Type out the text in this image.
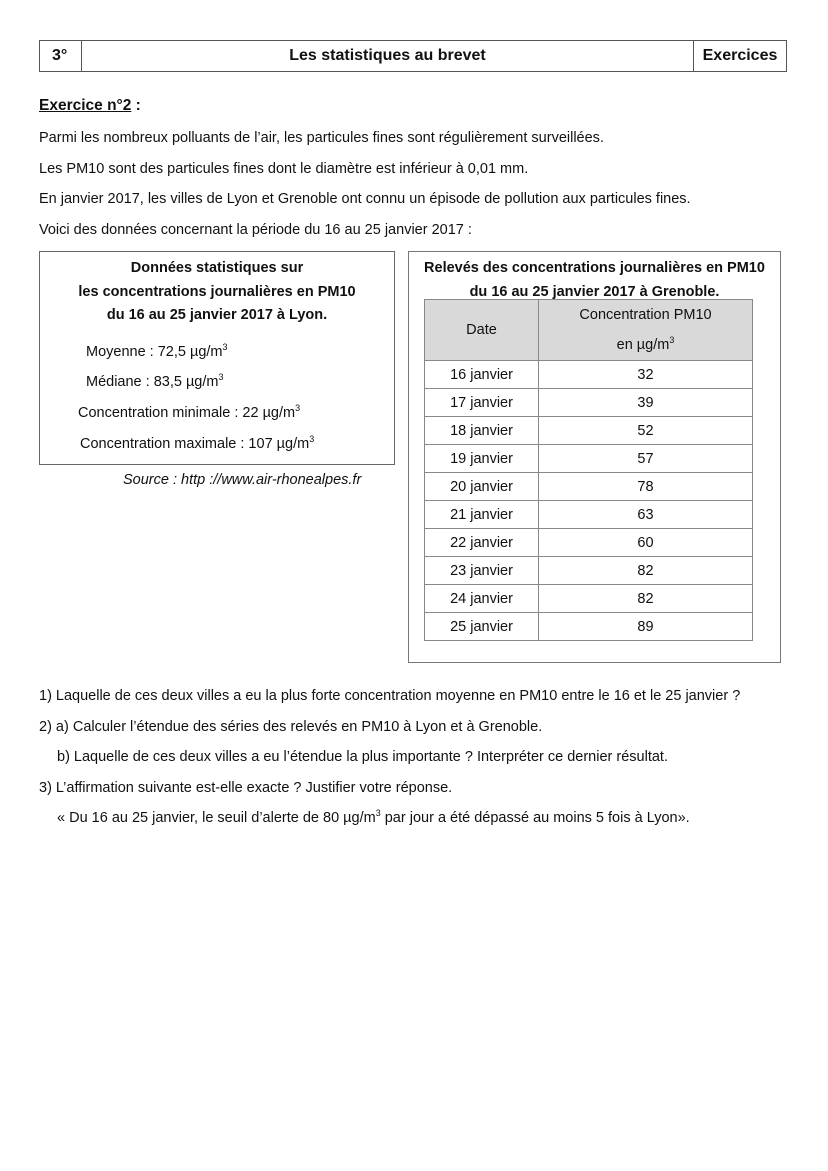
3°	Les statistiques au brevet	Exercices
Exercice n°2 :

Parmi les nombreux polluants de l’air, les particules fines sont régulièrement surveillées.

Les PM10 sont des particules fines dont le diamètre est inférieur à 0,01 mm.

En janvier 2017, les villes de Lyon et Grenoble ont connu un épisode de pollution aux particules fines.

Voici des données concernant la période du 16 au 25 janvier 2017 :

Données statistiques sur
les concentrations journalières en PM10
du 16 au 25 janvier 2017 à Lyon.
Moyenne : 72,5 $\mu g/m^3$
Médiane : 83,5 $\mu g/m^3$
Concentration minimale : 22 $\mu g/m^3$
Concentration maximale : 107 $\mu g/m^3$
Source : http ://www.air-rhonealpes.fr
Relevés des concentrations journalières en PM10
du 16 au 25 janvier 2017 à Grenoble.
Date	Concentration PM10
en $\mu g/m^3$

16 janvier	32
17 janvier	39
18 janvier	52
19 janvier	57
20 janvier	78
21 janvier	63
22 janvier	60
23 janvier	82
24 janvier	82
25 janvier	89

1) Laquelle de ces deux villes a eu la plus forte concentration moyenne en PM10 entre le 16 et le 25 janvier ?

2) a) Calculer l’étendue des séries des relevés en PM10 à Lyon et à Grenoble.

b) Laquelle de ces deux villes a eu l’étendue la plus importante ? Interpréter ce dernier résultat.

3) L’affirmation suivante est-elle exacte ? Justifier votre réponse.

« Du 16 au 25 janvier, le seuil d’alerte de 80 $\mu g/m^3$ par jour a été dépassé au moins 5 fois à Lyon».
